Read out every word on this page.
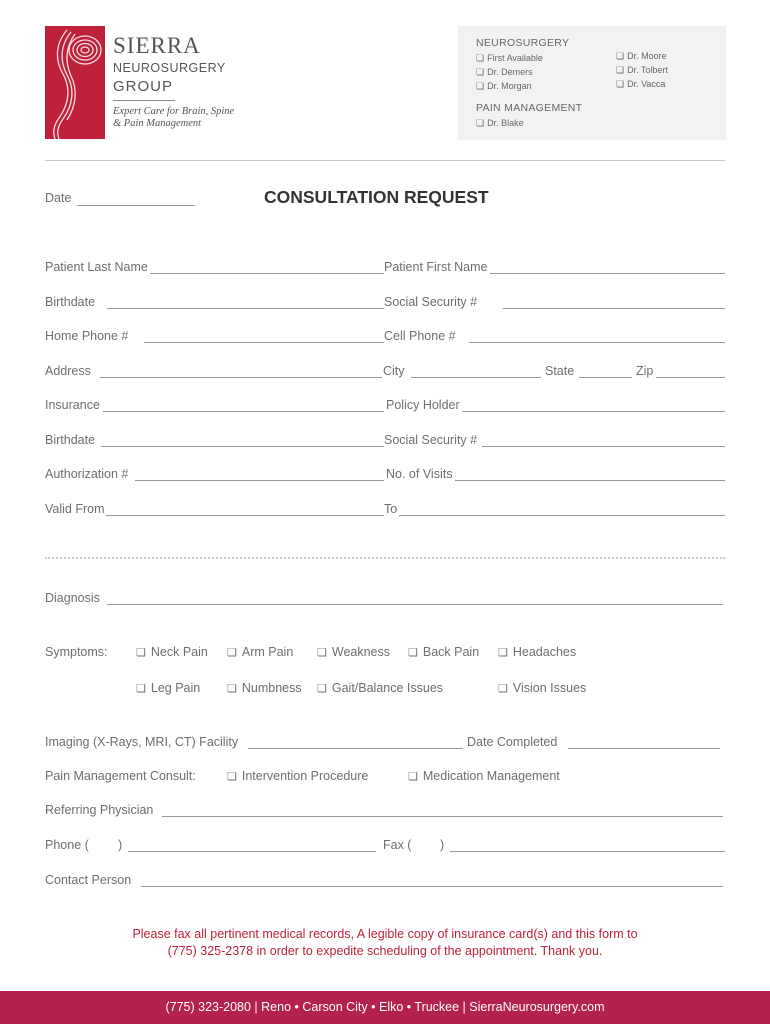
SIERRA
NEUROSURGERY
GROUP
Expert Care for Brain, Spine
& Pain Management
NEUROSURGERY
❏ First Available
❏ Dr. Demers
❏ Dr. Morgan
❏ Dr. Moore
❏ Dr. Tolbert
❏ Dr. Vacca
PAIN MANAGEMENT
❏ Dr. Blake
Date	CONSULTATION REQUEST
Patient Last Name	Patient First Name
Birthdate	Social Security #
Home Phone #	Cell Phone #
Address	City	State	Zip
Insurance	Policy Holder
Birthdate	Social Security #
Authorization #	No. of Visits
Valid From	To
Diagnosis
Symptoms:	❏ Neck Pain ❏ Arm Pain ❏ Weakness ❏ Back Pain ❏ Headaches
❏ Leg Pain ❏ Numbness ❏ Gait/Balance Issues	❏ Vision Issues
Imaging (X-Rays, MRI, CT) Facility	Date Completed
Pain Management Consult:	❏ Intervention Procedure	❏ Medication Management
Referring Physician
Phone ( )	Fax ( )
Contact Person
Please fax all pertinent medical records, A legible copy of insurance card(s) and this form to
(775) 325-2378 in order to expedite scheduling of the appointment. Thank you.
(775) 323-2080 | Reno • Carson City • Elko • Truckee | SierraNeurosurgery.com
